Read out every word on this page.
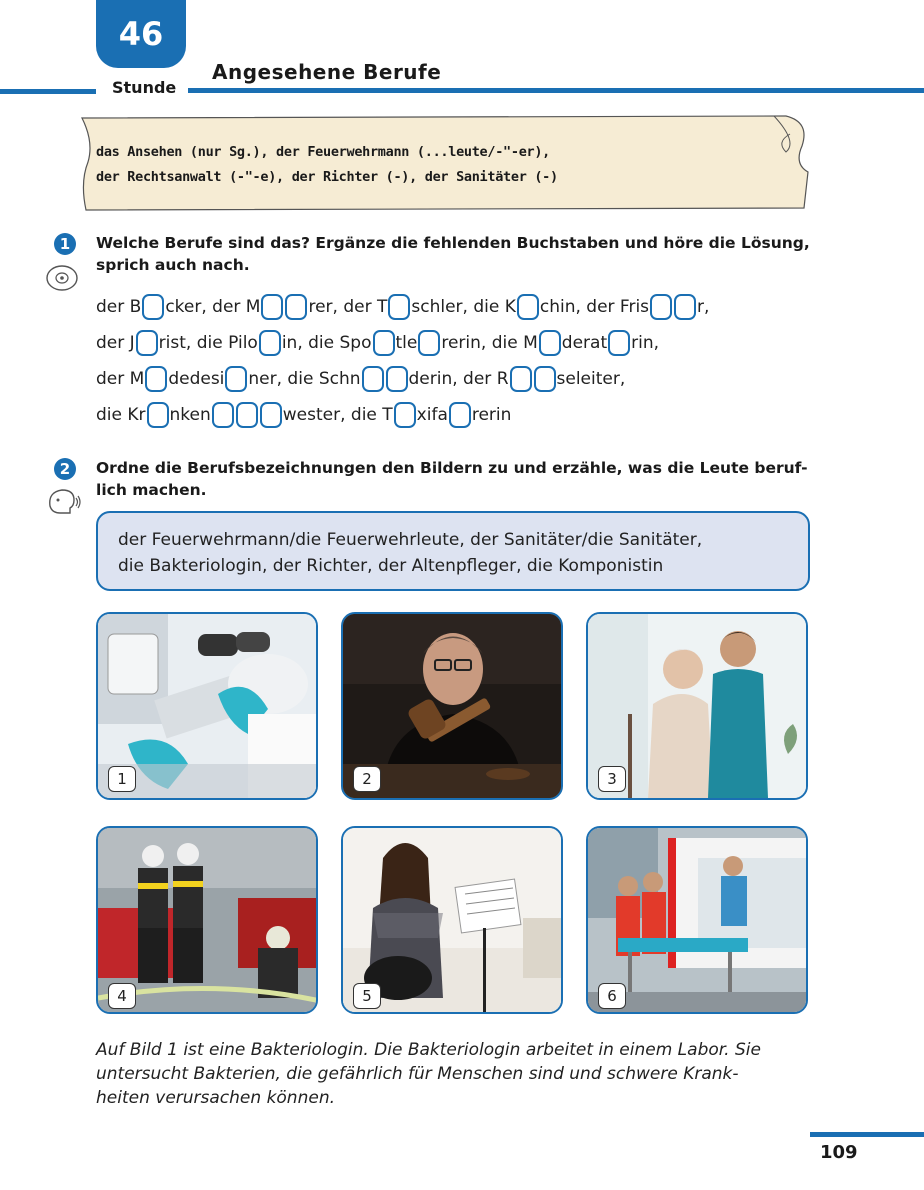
46
Stunde
Angesehene Berufe
das Ansehen (nur Sg.), der Feuerwehrmann (...leute/-"-er),
der Rechtsanwalt (-"-e), der Richter (-), der Sanitäter (-)
1	Welche Berufe sind das? Ergänze die fehlenden Buchstaben und höre die Lösung,
sprich auch nach.
der B cker, der M	rer, der T schler, die K chin, der Fris	r,
der J rist, die Pilo in, die Spo tle rerin, die M derat rin,
der M dedesi ner, die Schn	derin, der R	seleiter,
die Kr nken	wester, die T xifa rerin
2	Ordne die Berufsbezeichnungen den Bildern zu und erzähle, was die Leute beruf-
lich machen.
der Feuerwehrmann/die Feuerwehrleute, der Sanitäter/die Sanitäter,
die Bakteriologin, der Richter, der Altenpfleger, die Komponistin
1	2	3
4	5	6
Auf Bild 1 ist eine Bakteriologin. Die Bakteriologin arbeitet in einem Labor. Sie
untersucht Bakterien, die gefährlich für Menschen sind und schwere Krank-
heiten verursachen können.
109
